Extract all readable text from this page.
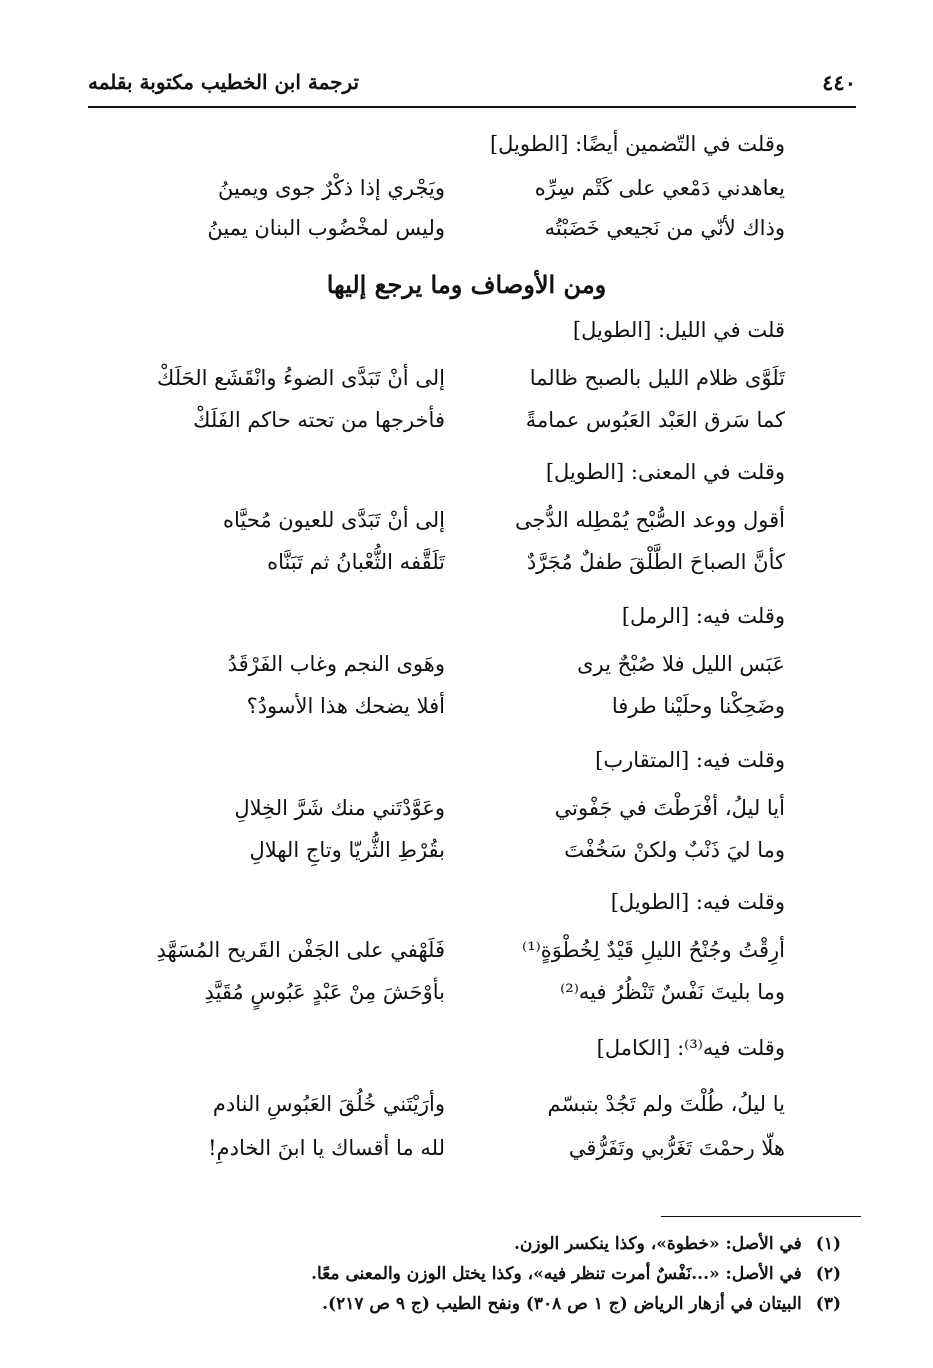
٤٤٠
ترجمة ابن الخطيب مكتوبة بقلمه
وقلت في التّضمين أيضًا: [الطويل]
يعاهدني دَمْعي على كَتْم سِرِّه
ويَجْري إذا ذكْرٌ جوى ويمينُ
وذاك لأنّي من نَجيعي خَضَبْتُه
وليس لمخْضُوب البنان يمينُ
ومن الأوصاف وما يرجع إليها
قلت في الليل: [الطويل]
تَلَوَّى ظلام الليل بالصبح ظالما
إلى أنْ تَبَدَّى الضوءُ وانْقَشَع الحَلَكْ
كما سَرق العَبْد العَبُوس عمامةً
فأخرجها من تحته حاكم الفَلَكْ
وقلت في المعنى: [الطويل]
أقول ووعد الصُّبْح يُمْطِله الدُّجى
إلى أنْ تَبَدَّى للعيون مُحيَّاه
كأنَّ الصباحَ الطَّلْقَ طفلٌ مُجَرَّدٌ
تَلَقَّفه الثُّعْبانُ ثم تَبَنَّاه
وقلت فيه: [الرمل]
عَبَس الليل فلا صُبْحٌ يرى
وهَوى النجم وغاب الفَرْقَدُ
وضَحِكْنا وحلَيْنا طرفا
أفلا يضحك هذا الأسودُ؟
وقلت فيه: [المتقارب]
أيا ليلُ، أفْرَطْتَ في جَفْوتي
وعَوَّدْتَني منك شَرَّ الخِلالِ
وما ليَ ذَنْبٌ ولكنْ سَخُفْتَ
بقُرْطِ الثُّريّا وتاجِ الهلالِ
وقلت فيه: [الطويل]
أرِقْتُ وجُنْحُ الليلِ قَيْدٌ لِخُطْوَةٍ⁽¹⁾
فَلَهْفي على الجَفْن القَريح المُسَهَّدِ
وما بليتَ نَفْسٌ تَنْظُرُ فيه⁽²⁾
بأوْحَشَ مِنْ عَبْدٍ عَبُوسٍ مُقَيَّدِ
وقلت فيه⁽³⁾: [الكامل]
يا ليلُ، طُلْتَ ولم تَجُدْ بتبسّم
وأرَيْتَني خُلُقَ العَبُوسِ النادم
هلّا رحمْتَ تَغَرُّبي وتَفَرُّقي
لله ما أقساك يا ابنَ الخادمِ!
(١)في الأصل: «خطوة»، وكذا ينكسر الوزن.
(٢)في الأصل: «...نَفْسٌ أمرت تنظر فيه»، وكذا يختل الوزن والمعنى معًا.
(٣)البيتان في أزهار الرياض (ج ١ ص ٣٠٨) ونفح الطيب (ج ٩ ص ٢١٧).
